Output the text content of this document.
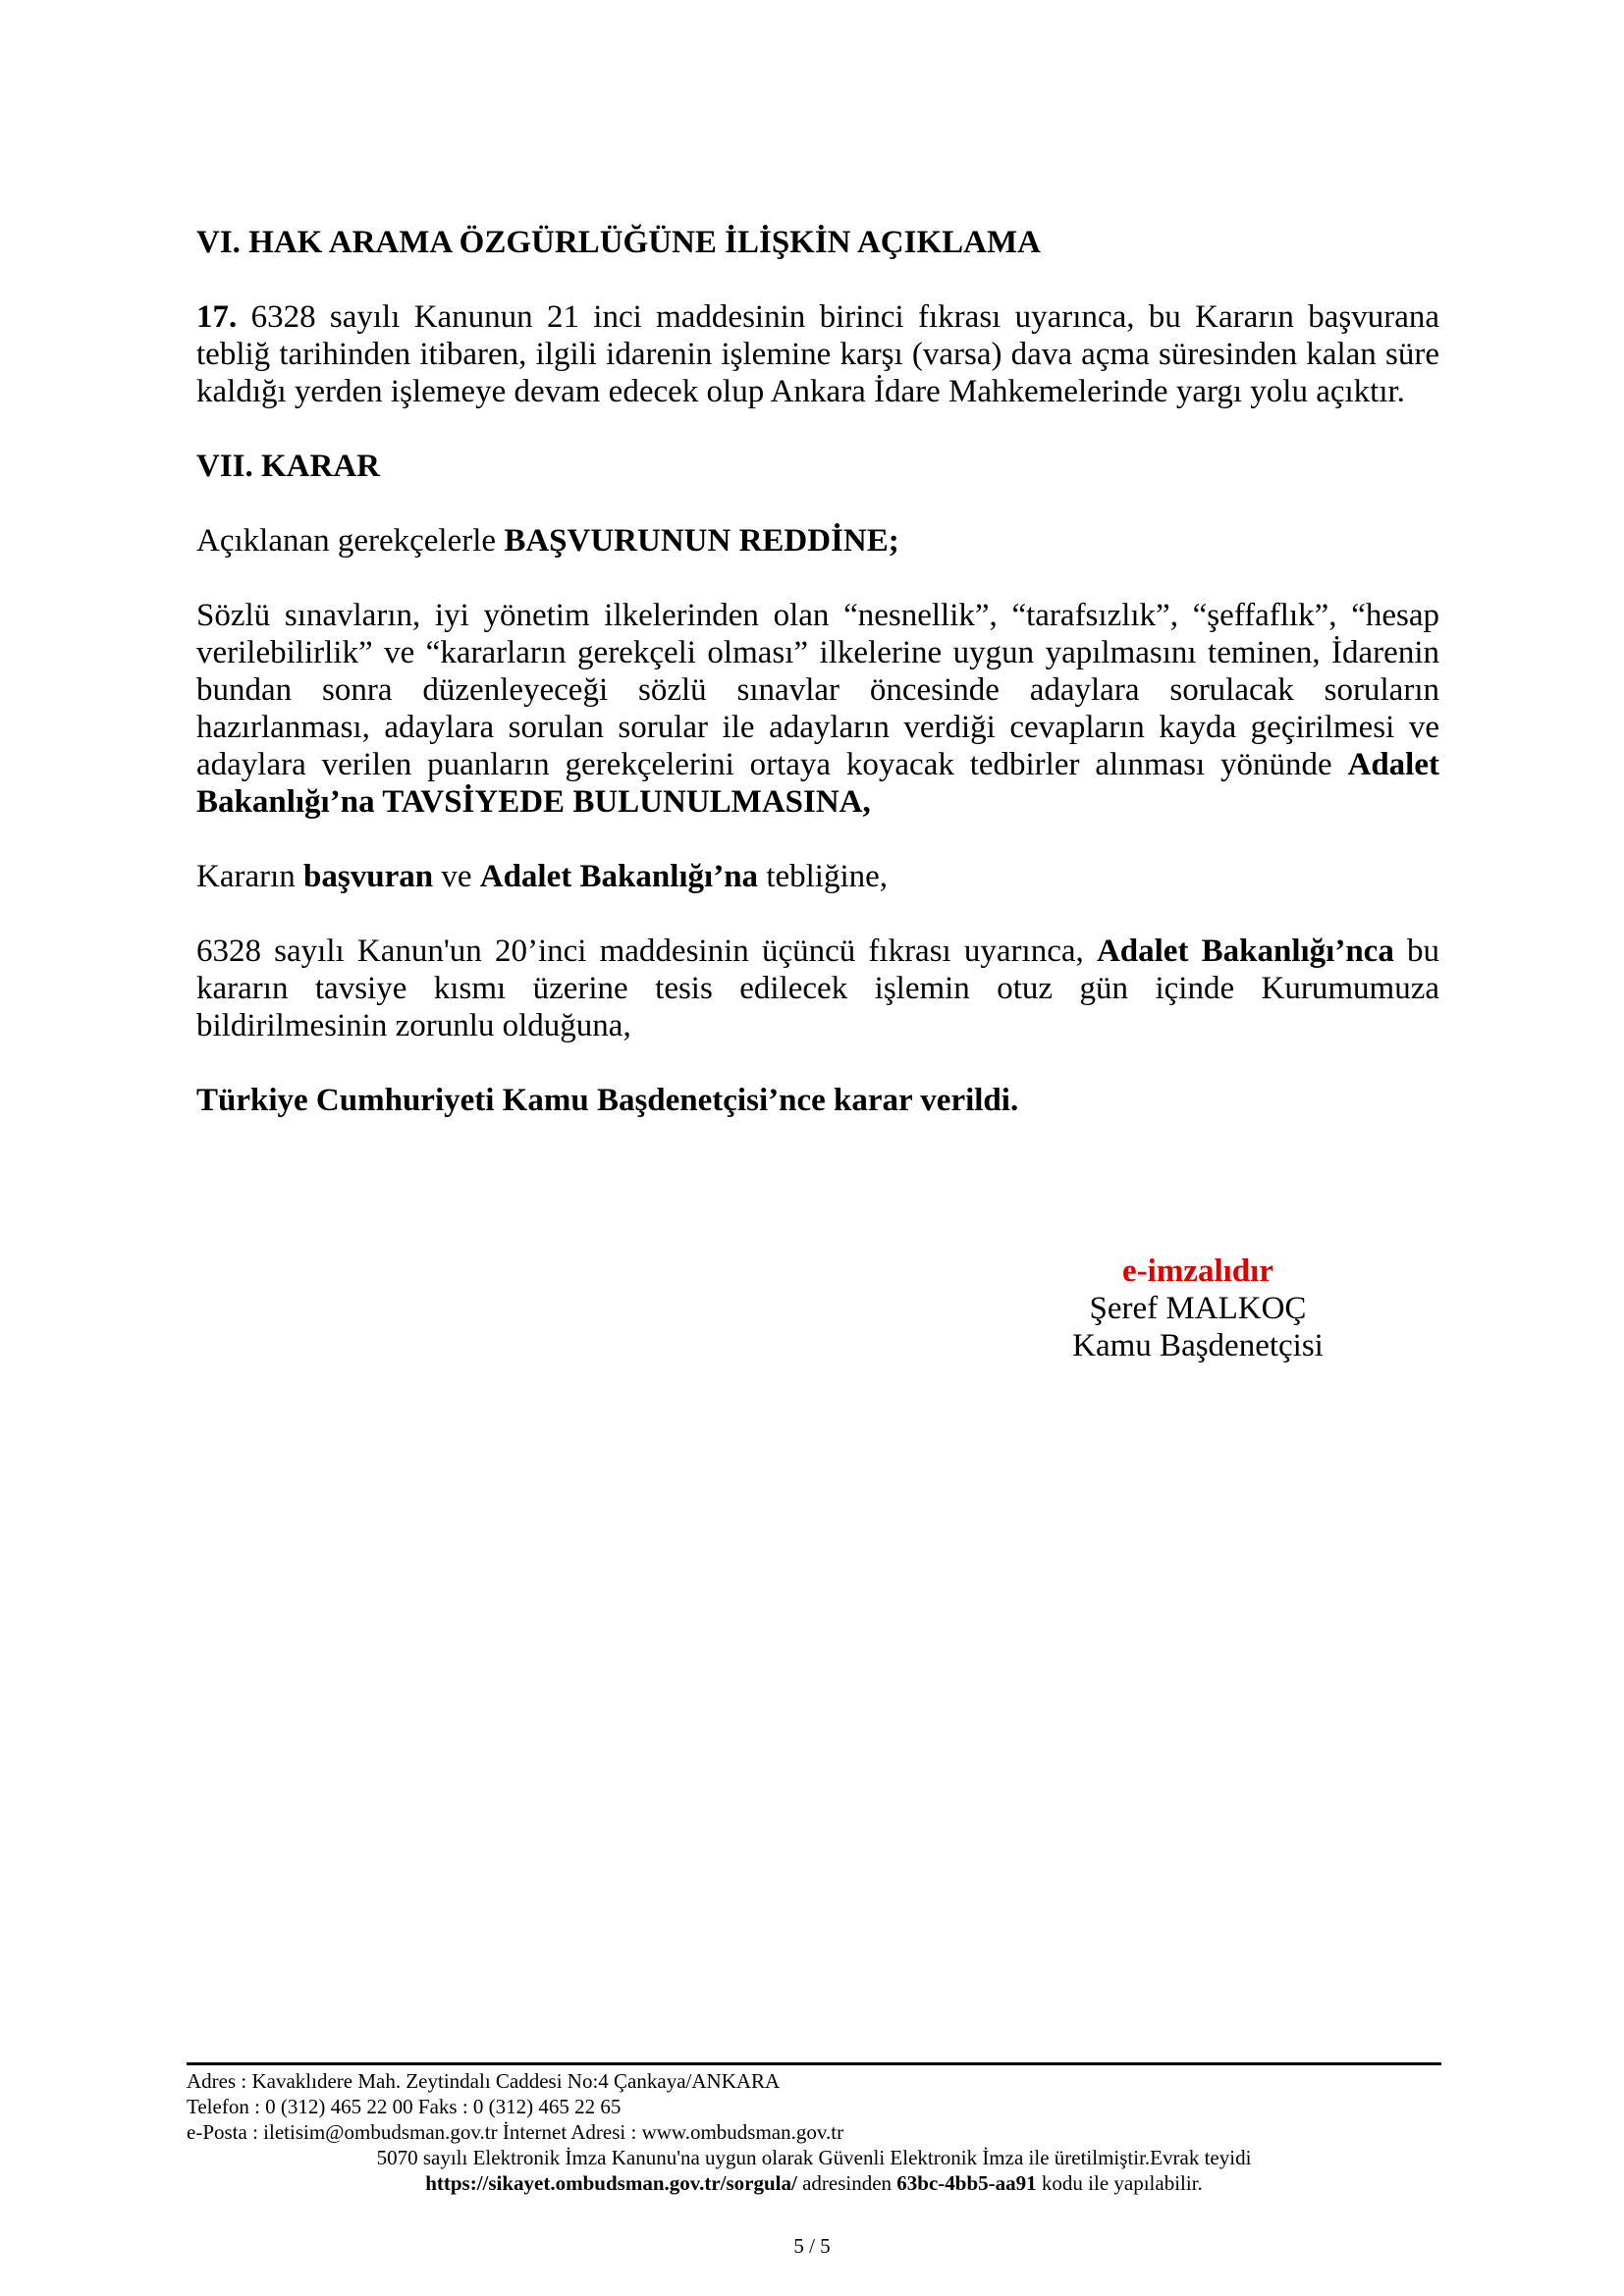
VI. HAK ARAMA ÖZGÜRLÜĞÜNE İLİŞKİN AÇIKLAMA

17. 6328 sayılı Kanunun 21 inci maddesinin birinci fıkrası uyarınca, bu Kararın başvurana tebliğ tarihinden itibaren, ilgili idarenin işlemine karşı (varsa) dava açma süresinden kalan süre kaldığı yerden işlemeye devam edecek olup Ankara İdare Mahkemelerinde yargı yolu açıktır.

VII. KARAR

Açıklanan gerekçelerle BAŞVURUNUN REDDİNE;

Sözlü sınavların, iyi yönetim ilkelerinden olan “nesnellik”, “tarafsızlık”, “şeffaflık”, “hesap verilebilirlik” ve “kararların gerekçeli olması” ilkelerine uygun yapılmasını teminen, İdarenin bundan sonra düzenleyeceği sözlü sınavlar öncesinde adaylara sorulacak soruların hazırlanması, adaylara sorulan sorular ile adayların verdiği cevapların kayda geçirilmesi ve adaylara verilen puanların gerekçelerini ortaya koyacak tedbirler alınması yönünde Adalet Bakanlığı’na TAVSİYEDE BULUNULMASINA,

Kararın başvuran ve Adalet Bakanlığı’na tebliğine,

6328 sayılı Kanun'un 20’inci maddesinin üçüncü fıkrası uyarınca, Adalet Bakanlığı’nca bu kararın tavsiye kısmı üzerine tesis edilecek işlemin otuz gün içinde Kurumumuza bildirilmesinin zorunlu olduğuna,

Türkiye Cumhuriyeti Kamu Başdenetçisi’nce karar verildi.

e-imzalıdır
Şeref MALKOÇ
Kamu Başdenetçisi
Adres : Kavaklıdere Mah. Zeytindalı Caddesi No:4 Çankaya/ANKARA
Telefon : 0 (312) 465 22 00 Faks : 0 (312) 465 22 65
e-Posta : iletisim@ombudsman.gov.tr İnternet Adresi : www.ombudsman.gov.tr
5070 sayılı Elektronik İmza Kanunu'na uygun olarak Güvenli Elektronik İmza ile üretilmiştir.Evrak teyidi
https://sikayet.ombudsman.gov.tr/sorgula/ adresinden 63bc-4bb5-aa91 kodu ile yapılabilir.
5 / 5
